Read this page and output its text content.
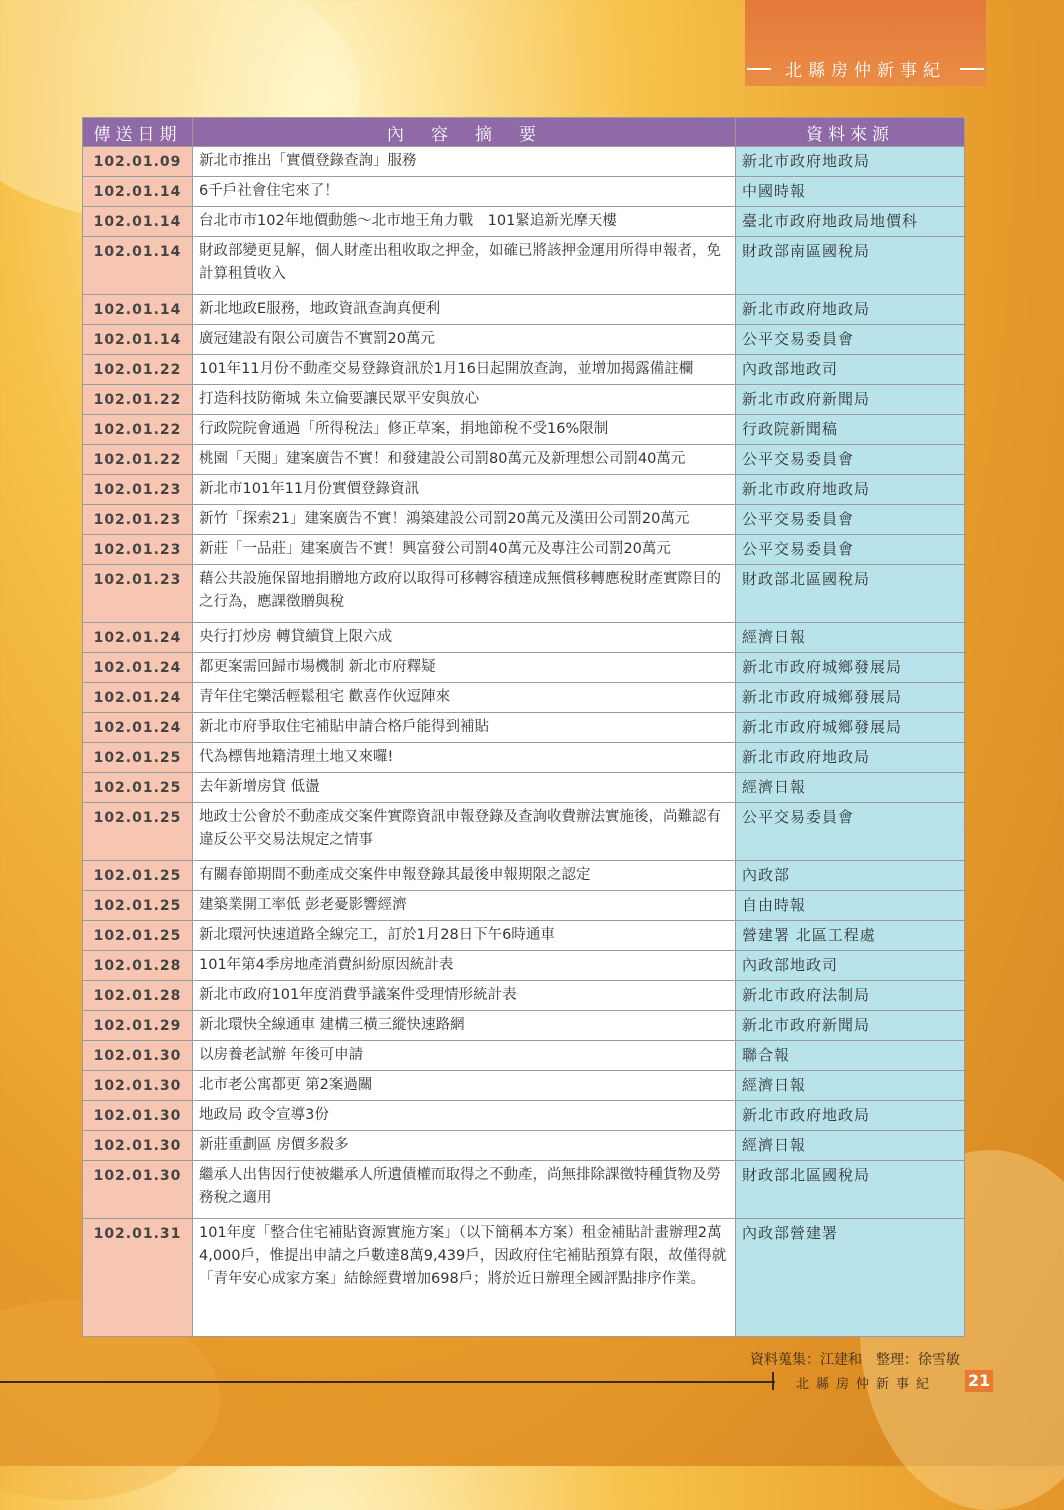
北縣房仲新事紀
傳送日期	內　容　摘　要	資料來源
102.01.09	新北市推出「實價登錄查詢」服務	新北市政府地政局
102.01.14	6千戶社會住宅來了！	中國時報
102.01.14	台北市市102年地價動態～北市地王角力戰　101緊追新光摩天樓	臺北市政府地政局地價科
102.01.14	財政部變更見解，個人財產出租收取之押金，如確已將該押金運用所得申報者，免計算租賃收入	財政部南區國稅局
102.01.14	新北地政E服務，地政資訊查詢真便利	新北市政府地政局
102.01.14	廣冠建設有限公司廣告不實罰20萬元	公平交易委員會
102.01.22	101年11月份不動產交易登錄資訊於1月16日起開放查詢，並增加揭露備註欄	內政部地政司
102.01.22	打造科技防衛城 朱立倫要讓民眾平安與放心	新北市政府新聞局
102.01.22	行政院院會通過「所得稅法」修正草案，捐地節稅不受16%限制	行政院新聞稿
102.01.22	桃園「天閱」建案廣告不實！和發建設公司罰80萬元及新理想公司罰40萬元	公平交易委員會
102.01.23	新北市101年11月份實價登錄資訊	新北市政府地政局
102.01.23	新竹「探索21」建案廣告不實！鴻築建設公司罰20萬元及漢田公司罰20萬元	公平交易委員會
102.01.23	新莊「一品莊」建案廣告不實！興富發公司罰40萬元及專注公司罰20萬元	公平交易委員會
102.01.23	藉公共設施保留地捐贈地方政府以取得可移轉容積達成無償移轉應稅財產實際目的之行為，應課徵贈與稅	財政部北區國稅局
102.01.24	央行打炒房 轉貸續貸上限六成	經濟日報
102.01.24	都更案需回歸市場機制 新北市府釋疑	新北市政府城鄉發展局
102.01.24	青年住宅樂活輕鬆租宅 歡喜作伙逗陣來	新北市政府城鄉發展局
102.01.24	新北市府爭取住宅補貼申請合格戶能得到補貼	新北市政府城鄉發展局
102.01.25	代為標售地籍清理土地又來囉!	新北市政府地政局
102.01.25	去年新增房貸 低盪	經濟日報
102.01.25	地政士公會於不動產成交案件實際資訊申報登錄及查詢收費辦法實施後，尚難認有違反公平交易法規定之情事	公平交易委員會
102.01.25	有關春節期間不動產成交案件申報登錄其最後申報期限之認定	內政部
102.01.25	建築業開工率低 彭老憂影響經濟	自由時報
102.01.25	新北環河快速道路全線完工，訂於1月28日下午6時通車	營建署 北區工程處
102.01.28	101年第4季房地產消費糾紛原因統計表	內政部地政司
102.01.28	新北市政府101年度消費爭議案件受理情形統計表	新北市政府法制局
102.01.29	新北環快全線通車 建構三橫三縱快速路網	新北市政府新聞局
102.01.30	以房養老試辦 年後可申請	聯合報
102.01.30	北市老公寓都更 第2案過關	經濟日報
102.01.30	地政局 政令宣導3份	新北市政府地政局
102.01.30	新莊重劃區 房價多殺多	經濟日報
102.01.30	繼承人出售因行使被繼承人所遺債權而取得之不動產，尚無排除課徵特種貨物及勞務稅之適用	財政部北區國稅局
102.01.31	101年度「整合住宅補貼資源實施方案」（以下簡稱本方案）租金補貼計畫辦理2萬4,000戶，惟提出申請之戶數達8萬9,439戶，因政府住宅補貼預算有限，故僅得就「青年安心成家方案」結餘經費增加698戶；將於近日辦理全國評點排序作業。	內政部營建署
資料蒐集：江建和　整理：徐雪敏
北縣房仲新事紀 21
